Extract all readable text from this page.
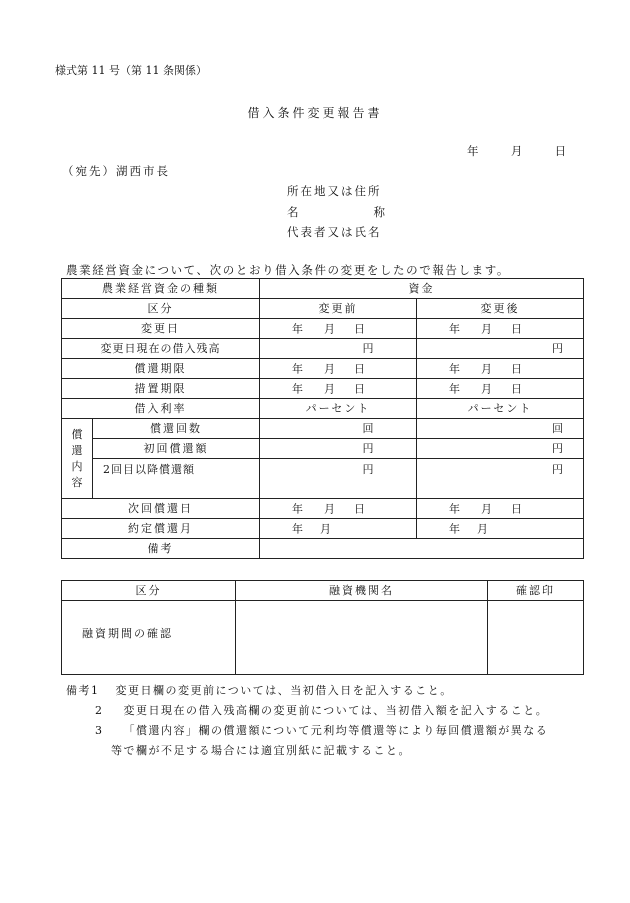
様式第 11 号（第 11 条関係）
借入条件変更報告書
年	月	日
（宛先）湖西市長
所在地又は住所
名	称
代表者又は氏名
農業経営資金について、次のとおり借入条件の変更をしたので報告します。
農業経営資金の種類		資金	
区分		変更前	変更後
変更日		年 月 日	年 月 日

変更日現在の借入残高		円	円
償還期限		年 月 日	年 月 日

措置期限		年 月 日	年 月 日

借入利率		パーセント	パーセント

償
還
内
容	償還回数	回	回
	初回償還額	円	円
	2回目以降償還額	円	円

次回償還日		年 月 日	年 月 日

約定償還月		年 月	年 月

備考			
区分	融資機関名	確認印
融資期間の確認		
備考1 変更日欄の変更前については、当初借入日を記入すること。
2 変更日現在の借入残高欄の変更前については、当初借入額を記入すること。
3 「償還内容」欄の償還額について元利均等償還等により毎回償還額が異なる
等で欄が不足する場合には適宜別紙に記載すること。
